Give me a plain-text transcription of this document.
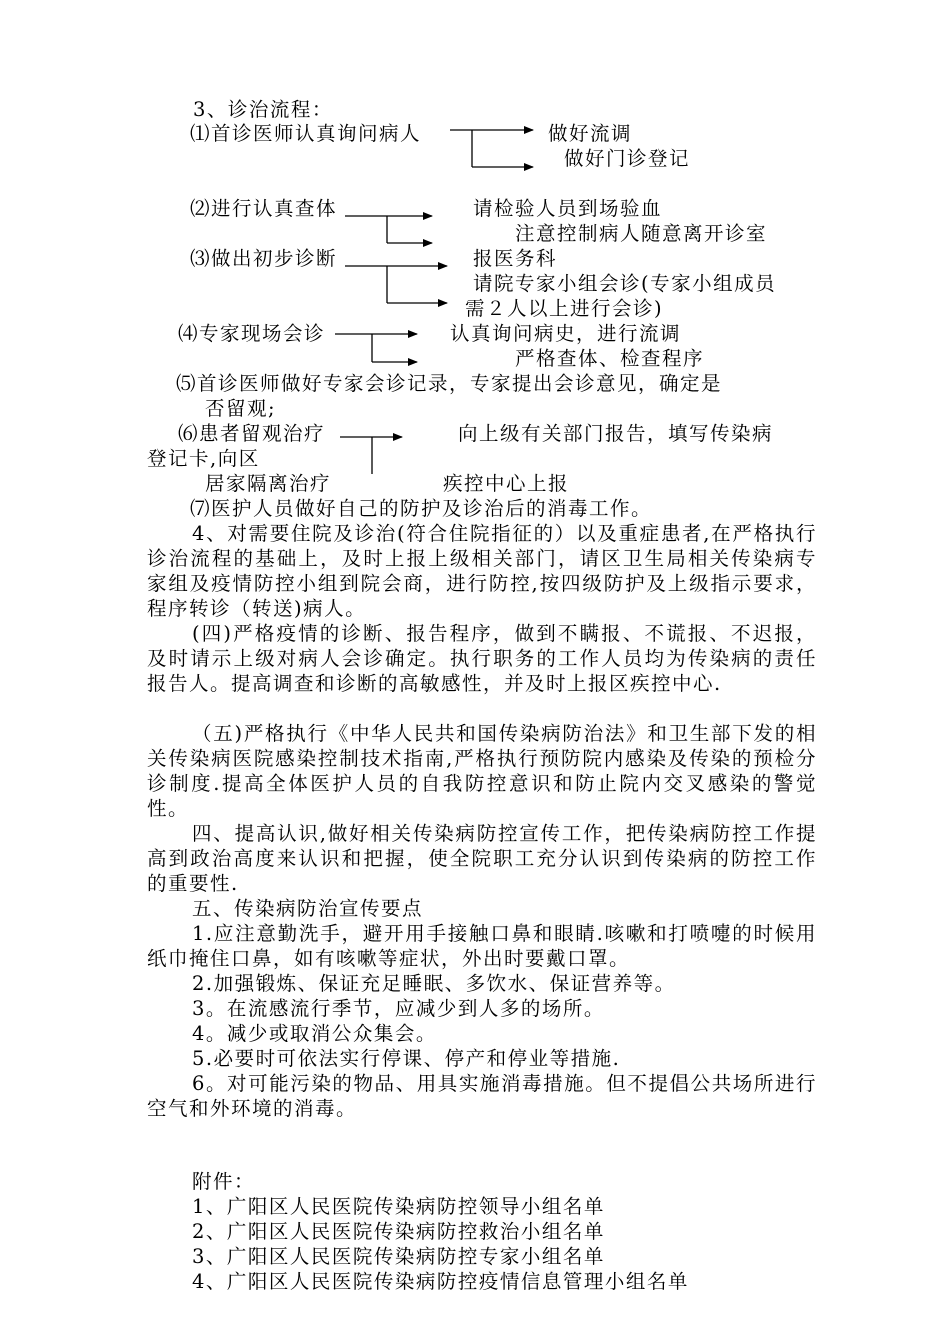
3、诊治流程：
⑴首诊医师认真询问病人	做好流调
做好门诊登记
⑵进行认真查体	请检验人员到场验血
注意控制病人随意离开诊室
⑶做出初步诊断	报医务科
请院专家小组会诊(专家小组成员
需２人以上进行会诊)
⑷专家现场会诊	认真询问病史，进行流调
严格查体、检查程序
⑸首诊医师做好专家会诊记录，专家提出会诊意见，确定是
否留观;
⑹患者留观治疗	向上级有关部门报告，填写传染病
登记卡,向区
居家隔离治疗	疾控中心上报
⑺医护人员做好自己的防护及诊治后的消毒工作。
4、对需要住院及诊治(符合住院指征的）以及重症患者,在严格执行诊治流程的基础上，及时上报上级相关部门，请区卫生局相关传染病专家组及疫情防控小组到院会商，进行防控,按四级防护及上级指示要求，程序转诊（转送)病人。
(四)严格疫情的诊断、报告程序，做到不瞒报、不谎报、不迟报，及时请示上级对病人会诊确定。执行职务的工作人员均为传染病的责任报告人。提高调查和诊断的高敏感性，并及时上报区疾控中心.
（五)严格执行《中华人民共和国传染病防治法》和卫生部下发的相关传染病医院感染控制技术指南,严格执行预防院内感染及传染的预检分诊制度.提高全体医护人员的自我防控意识和防止院内交叉感染的警觉性。
四、提高认识,做好相关传染病防控宣传工作，把传染病防控工作提高到政治高度来认识和把握，使全院职工充分认识到传染病的防控工作的重要性.
五、传染病防治宣传要点
1.应注意勤洗手，避开用手接触口鼻和眼睛.咳嗽和打喷嚏的时候用纸巾掩住口鼻，如有咳嗽等症状，外出时要戴口罩。
2.加强锻炼、保证充足睡眠、多饮水、保证营养等。
3。在流感流行季节，应减少到人多的场所。
4。减少或取消公众集会。
5.必要时可依法实行停课、停产和停业等措施.
6。对可能污染的物品、用具实施消毒措施。但不提倡公共场所进行空气和外环境的消毒。
附件：
1、广阳区人民医院传染病防控领导小组名单
2、广阳区人民医院传染病防控救治小组名单
3、广阳区人民医院传染病防控专家小组名单
4、广阳区人民医院传染病防控疫情信息管理小组名单
